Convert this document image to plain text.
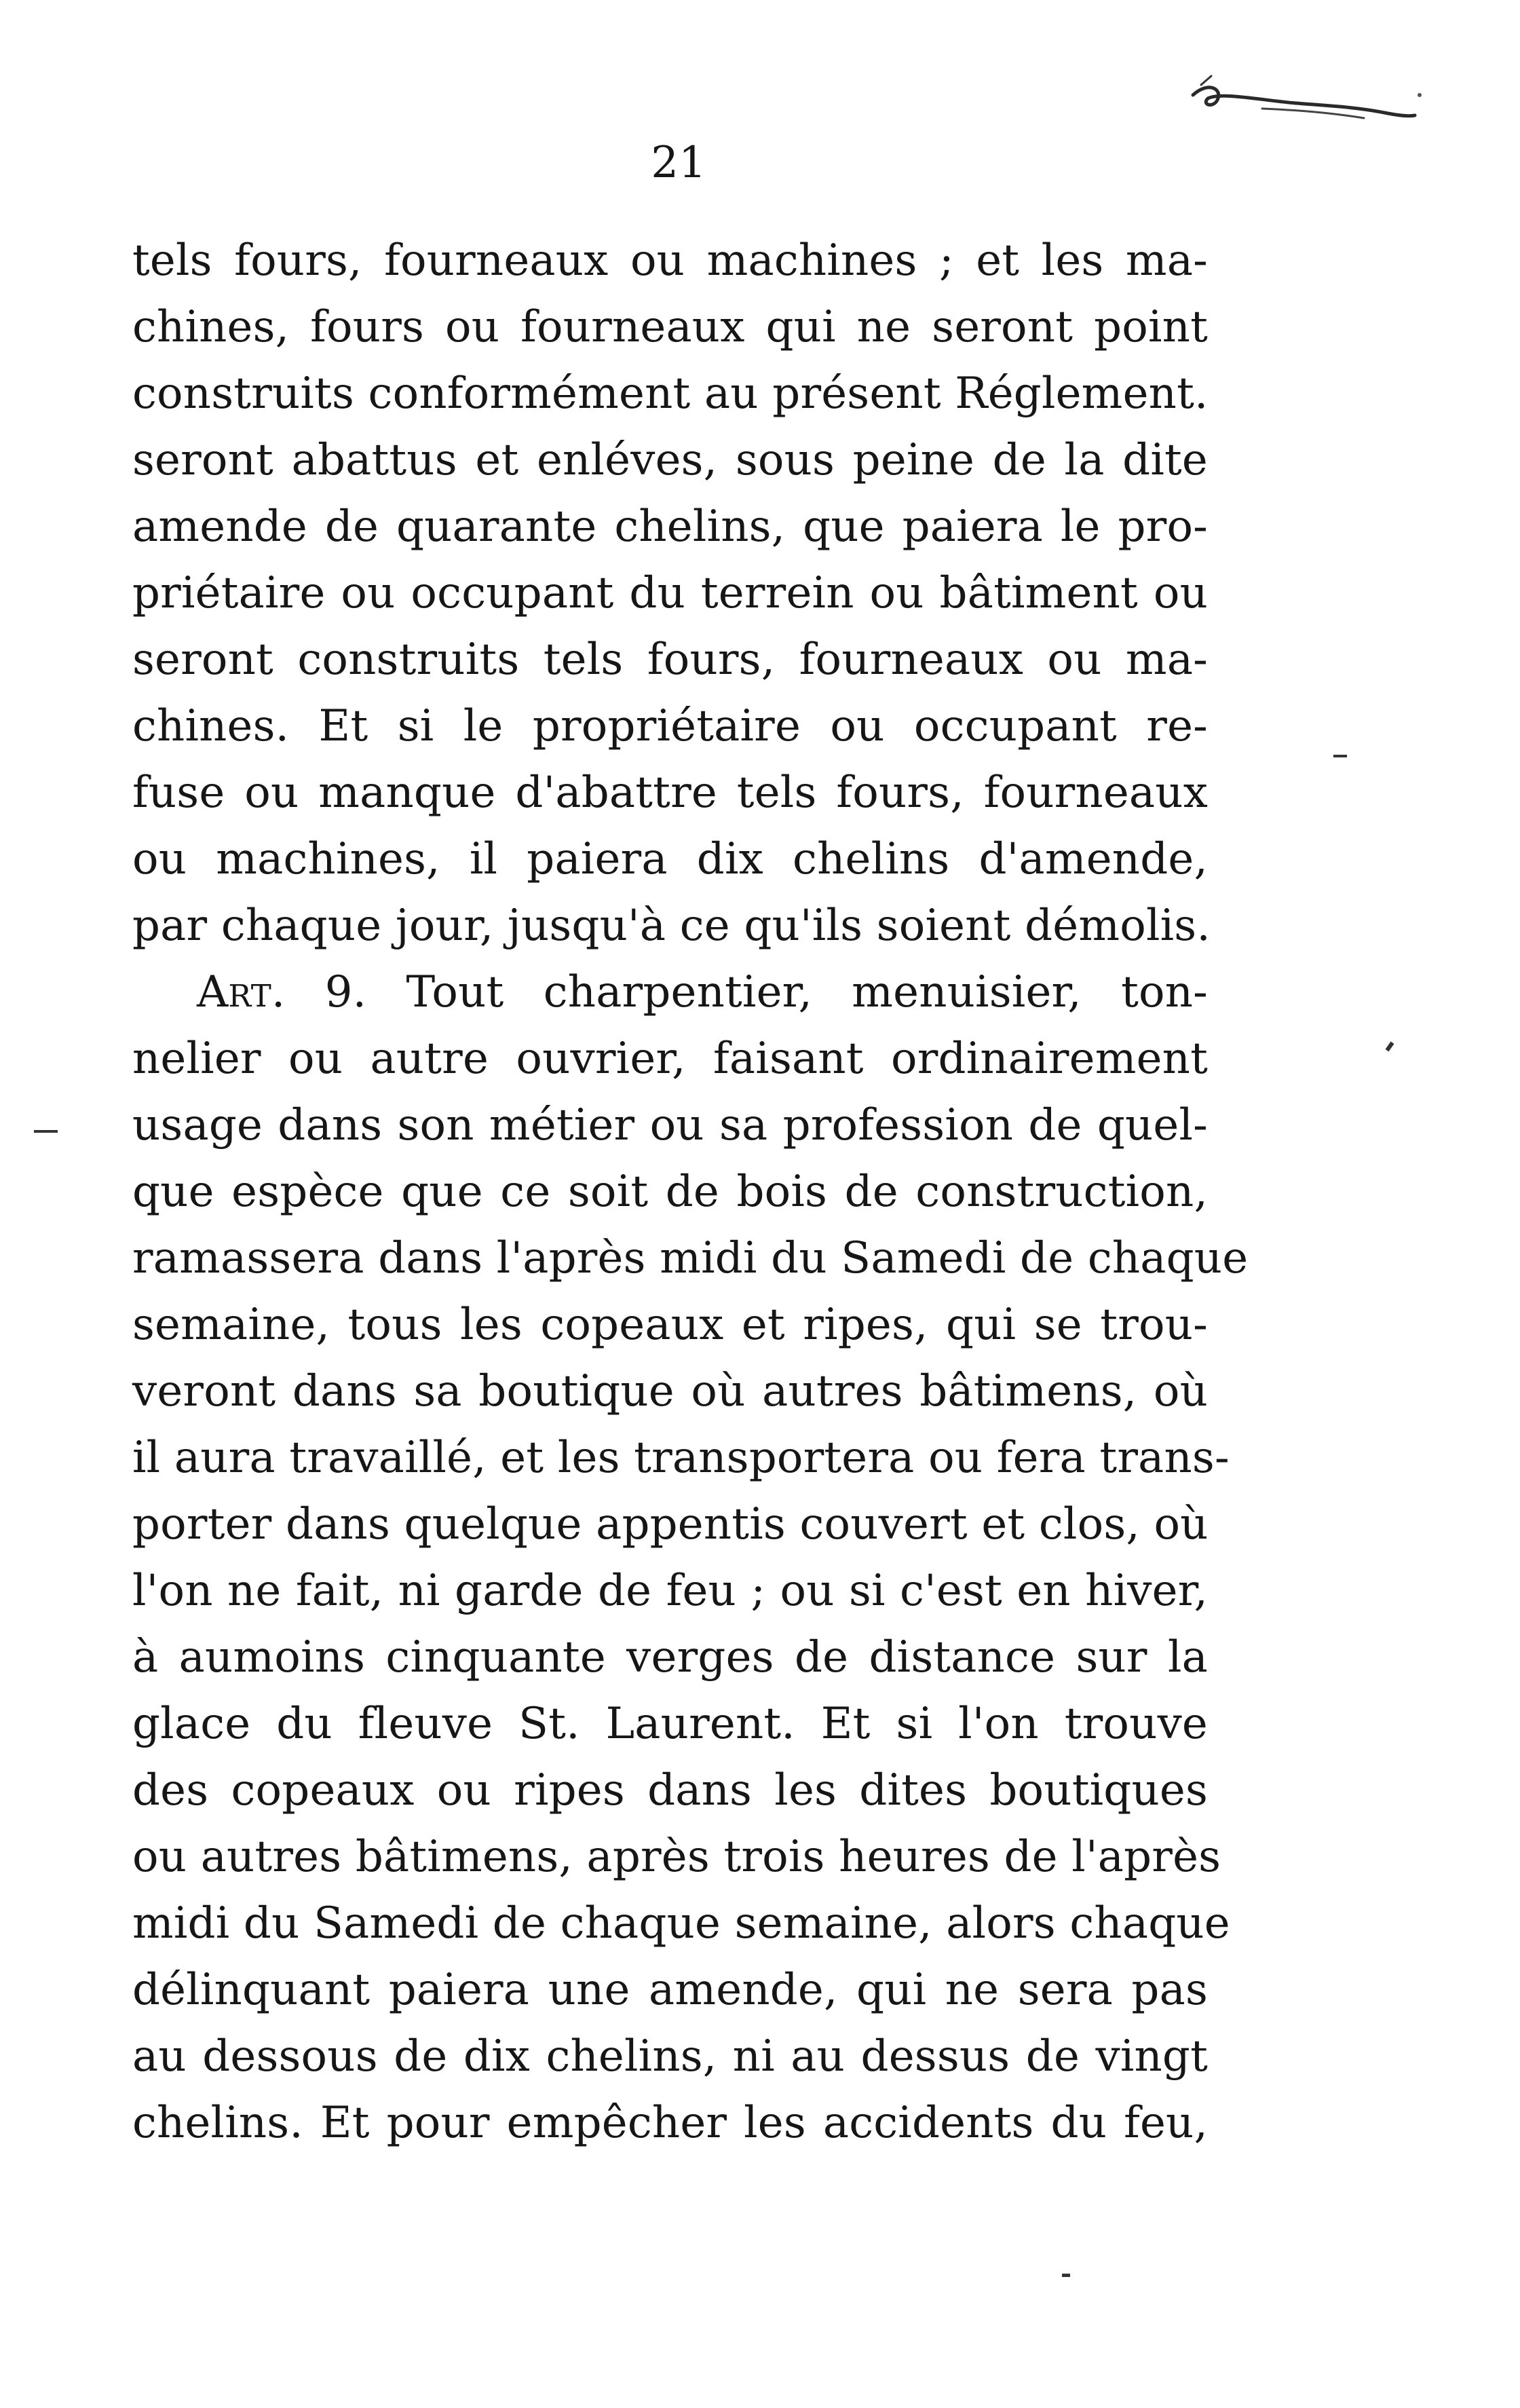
21
tels fours, fourneaux ou machines ; et les ma-
chines, fours ou fourneaux qui ne seront point
construits conformément au présent Réglement.
seront abattus et enléves, sous peine de la dite
amende de quarante chelins, que paiera le pro-
priétaire ou occupant du terrein ou bâtiment ou
seront construits tels fours, fourneaux ou ma-
chines. Et si le propriétaire ou occupant re-
fuse ou manque d'abattre tels fours, fourneaux
ou machines, il paiera dix chelins d'amende,
par chaque jour, jusqu'à ce qu'ils soient démolis.
Art. 9. Tout charpentier, menuisier, ton-
nelier ou autre ouvrier, faisant ordinairement
usage dans son métier ou sa profession de quel-
que espèce que ce soit de bois de construction,
ramassera dans l'après midi du Samedi de chaque
semaine, tous les copeaux et ripes, qui se trou-
veront dans sa boutique où autres bâtimens, où
il aura travaillé, et les transportera ou fera trans-
porter dans quelque appentis couvert et clos, où
l'on ne fait, ni garde de feu ; ou si c'est en hiver,
à aumoins cinquante verges de distance sur la
glace du fleuve St. Laurent. Et si l'on trouve
des copeaux ou ripes dans les dites boutiques
ou autres bâtimens, après trois heures de l'après
midi du Samedi de chaque semaine, alors chaque
délinquant paiera une amende, qui ne sera pas
au dessous de dix chelins, ni au dessus de vingt
chelins. Et pour empêcher les accidents du feu,
